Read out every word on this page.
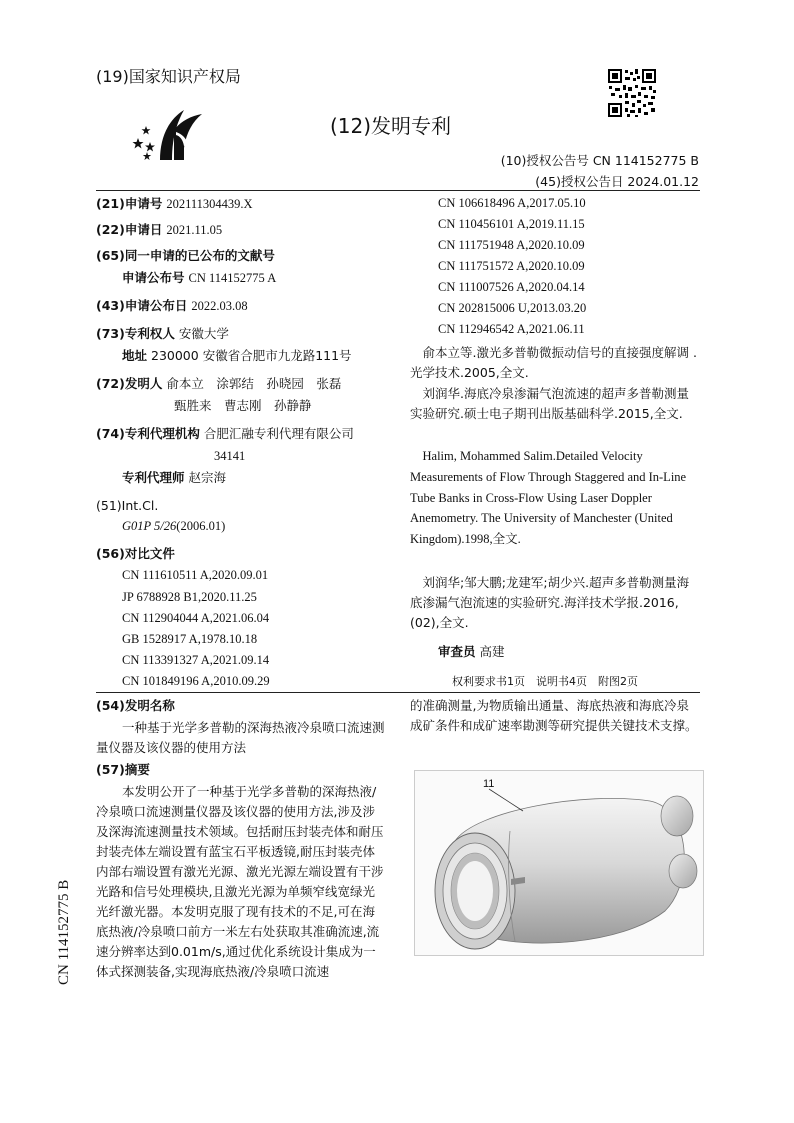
(19)国家知识产权局
(12)发明专利
(10)授权公告号 CN 114152775 B
(45)授权公告日 2024.01.12
(21)申请号 202111304439.X
(22)申请日 2021.11.05
(65)同一申请的已公布的文献号
申请公布号 CN 114152775 A
(43)申请公布日 2022.03.08
(73)专利权人 安徽大学
地址 230000 安徽省合肥市九龙路111号
(72)发明人 俞本立　涂郭结　孙晓园　张磊
甄胜来　曹志刚　孙静静
(74)专利代理机构 合肥汇融专利代理有限公司
34141
专利代理师 赵宗海
(51)Int.Cl.
G01P 5/26(2006.01)
(56)对比文件
CN 111610511 A,2020.09.01
JP 6788928 B1,2020.11.25
CN 112904044 A,2021.06.04
GB 1528917 A,1978.10.18
CN 113391327 A,2021.09.14
CN 101849196 A,2010.09.29
CN 106618496 A,2017.05.10
CN 110456101 A,2019.11.15
CN 111751948 A,2020.10.09
CN 111751572 A,2020.10.09
CN 111007526 A,2020.04.14
CN 202815006 U,2013.03.20
CN 112946542 A,2021.06.11
　俞本立等.激光多普勒微振动信号的直接强度解调 .光学技术.2005,全文.
　刘润华.海底冷泉渗漏气泡流速的超声多普勒测量实验研究.硕士电子期刊出版基础科学.2015,全文.
　Halim, Mohammed Salim.Detailed Velocity Measurements of Flow Through Staggered and In-Line Tube Banks in Cross-Flow Using Laser Doppler Anemometry. The University of Manchester (United Kingdom).1998,全文.
　刘润华;邹大鹏;龙建军;胡少兴.超声多普勒测量海底渗漏气泡流速的实验研究.海洋技术学报.2016,(02),全文.
审查员 高建
权利要求书1页　说明书4页　附图2页
(54)发明名称
一种基于光学多普勒的深海热液冷泉喷口流速测量仪器及该仪器的使用方法
(57)摘要
本发明公开了一种基于光学多普勒的深海热液/冷泉喷口流速测量仪器及该仪器的使用方法,涉及涉及深海流速测量技术领域。包括耐压封装壳体和耐压封装壳体左端设置有蓝宝石平板透镜,耐压封装壳体内部右端设置有激光光源、激光光源左端设置有干涉光路和信号处理模块,且激光光源为单频窄线宽绿光光纤激光器。本发明克服了现有技术的不足,可在海底热液/冷泉喷口前方一米左右处获取其准确流速,流速分辨率达到0.01m/s,通过优化系统设计集成为一体式探测装备,实现海底热液/冷泉喷口流速
的准确测量,为物质输出通量、海底热液和海底冷泉成矿条件和成矿速率勘测等研究提供关键技术支撑。
11
CN 114152775 B
